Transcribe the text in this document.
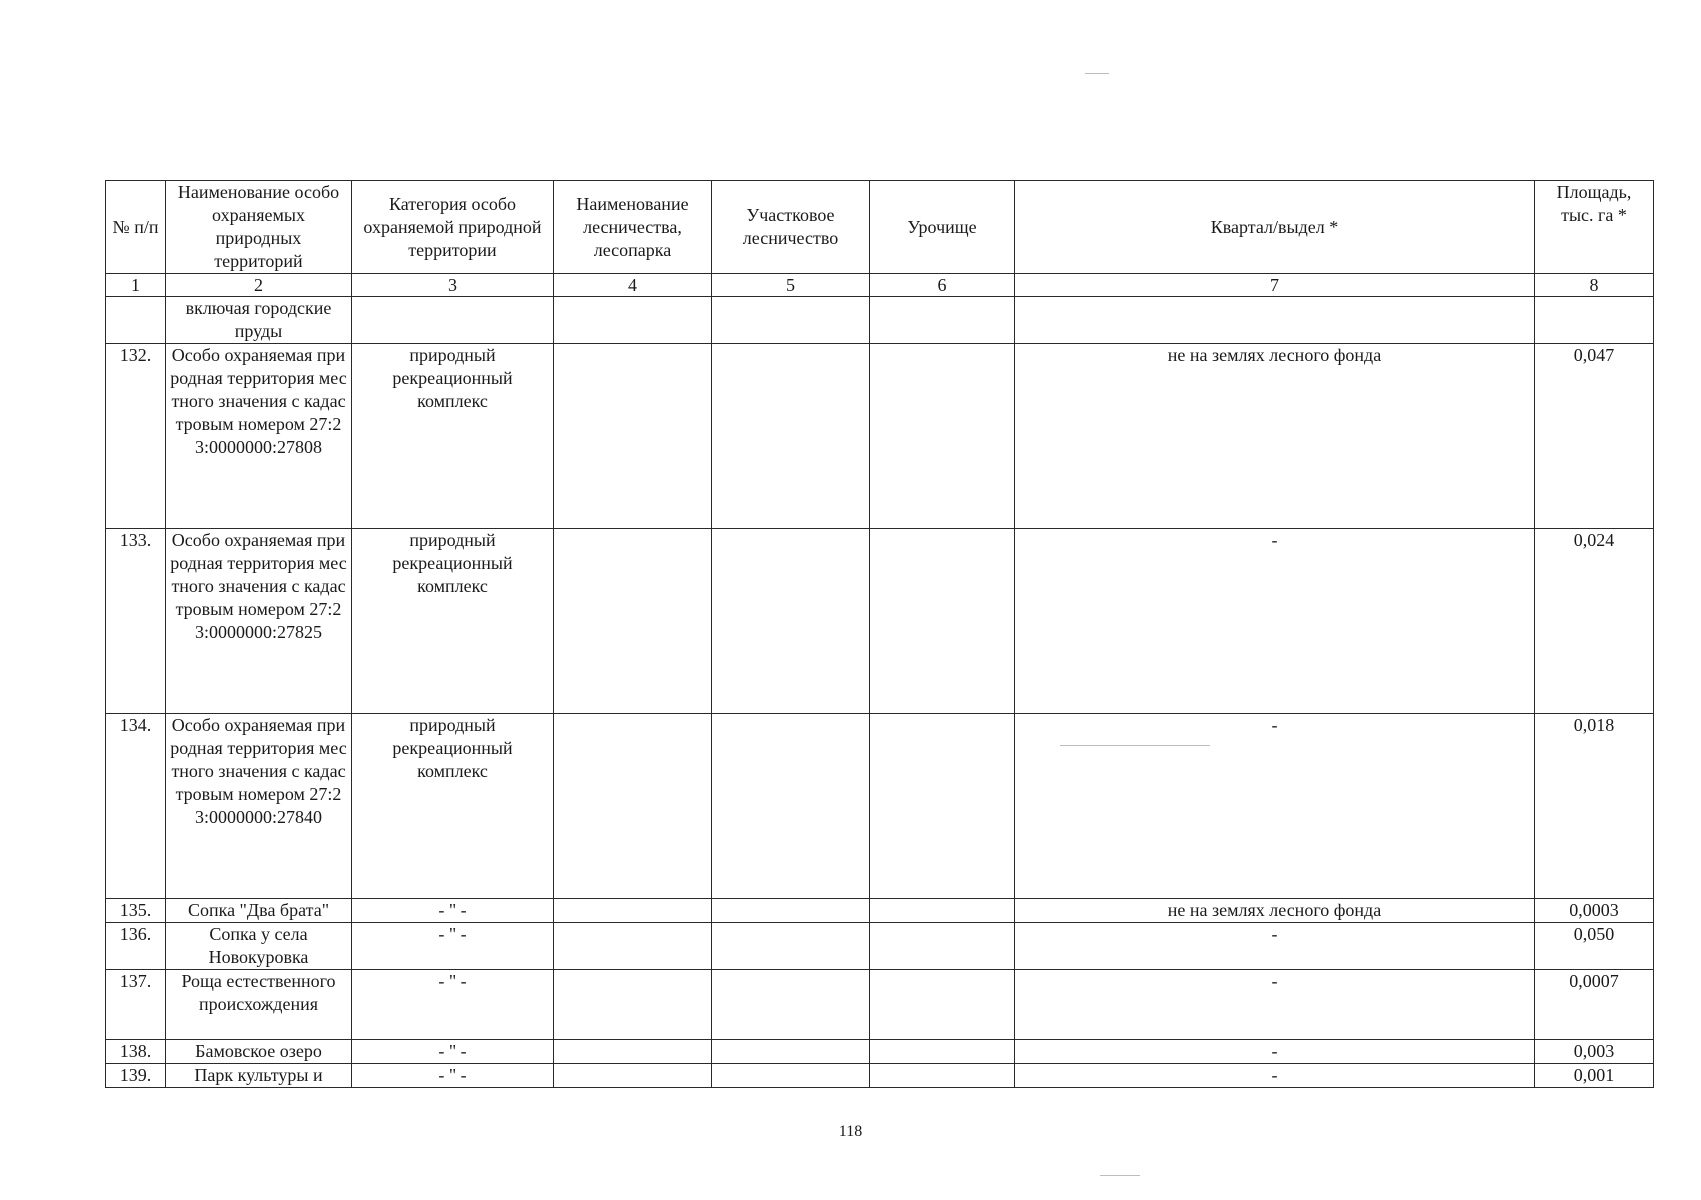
№ п/п	Наименование особо охраняемых природных территорий	Категория особо охраняемой природной территории	Наименование лесничества, лесопарка	Участковое лесничество	Урочище	Квартал/выдел *	Площадь, тыс. га *
1	2	3	4	5	6	7	8
	включая городские пруды						
132.	Особо охраняемая природная территория местного значения с кадастровым номером 27:23:0000000:27808	природный рекреационный комплекс				не на землях лесного фонда	0,047
133.	Особо охраняемая природная территория местного значения с кадастровым номером 27:23:0000000:27825	природный рекреационный комплекс				-	0,024
134.	Особо охраняемая природная территория местного значения с кадастровым номером 27:23:0000000:27840	природный рекреационный комплекс				-	0,018
135.	Сопка "Два брата"	- " -				не на землях лесного фонда	0,0003
136.	Сопка у села Новокуровка	- " -				-	0,050
137.	Роща естественного происхождения	- " -				-	0,0007
138.	Бамовское озеро	- " -				-	0,003
139.	Парк культуры и	- " -				-	0,001
118
